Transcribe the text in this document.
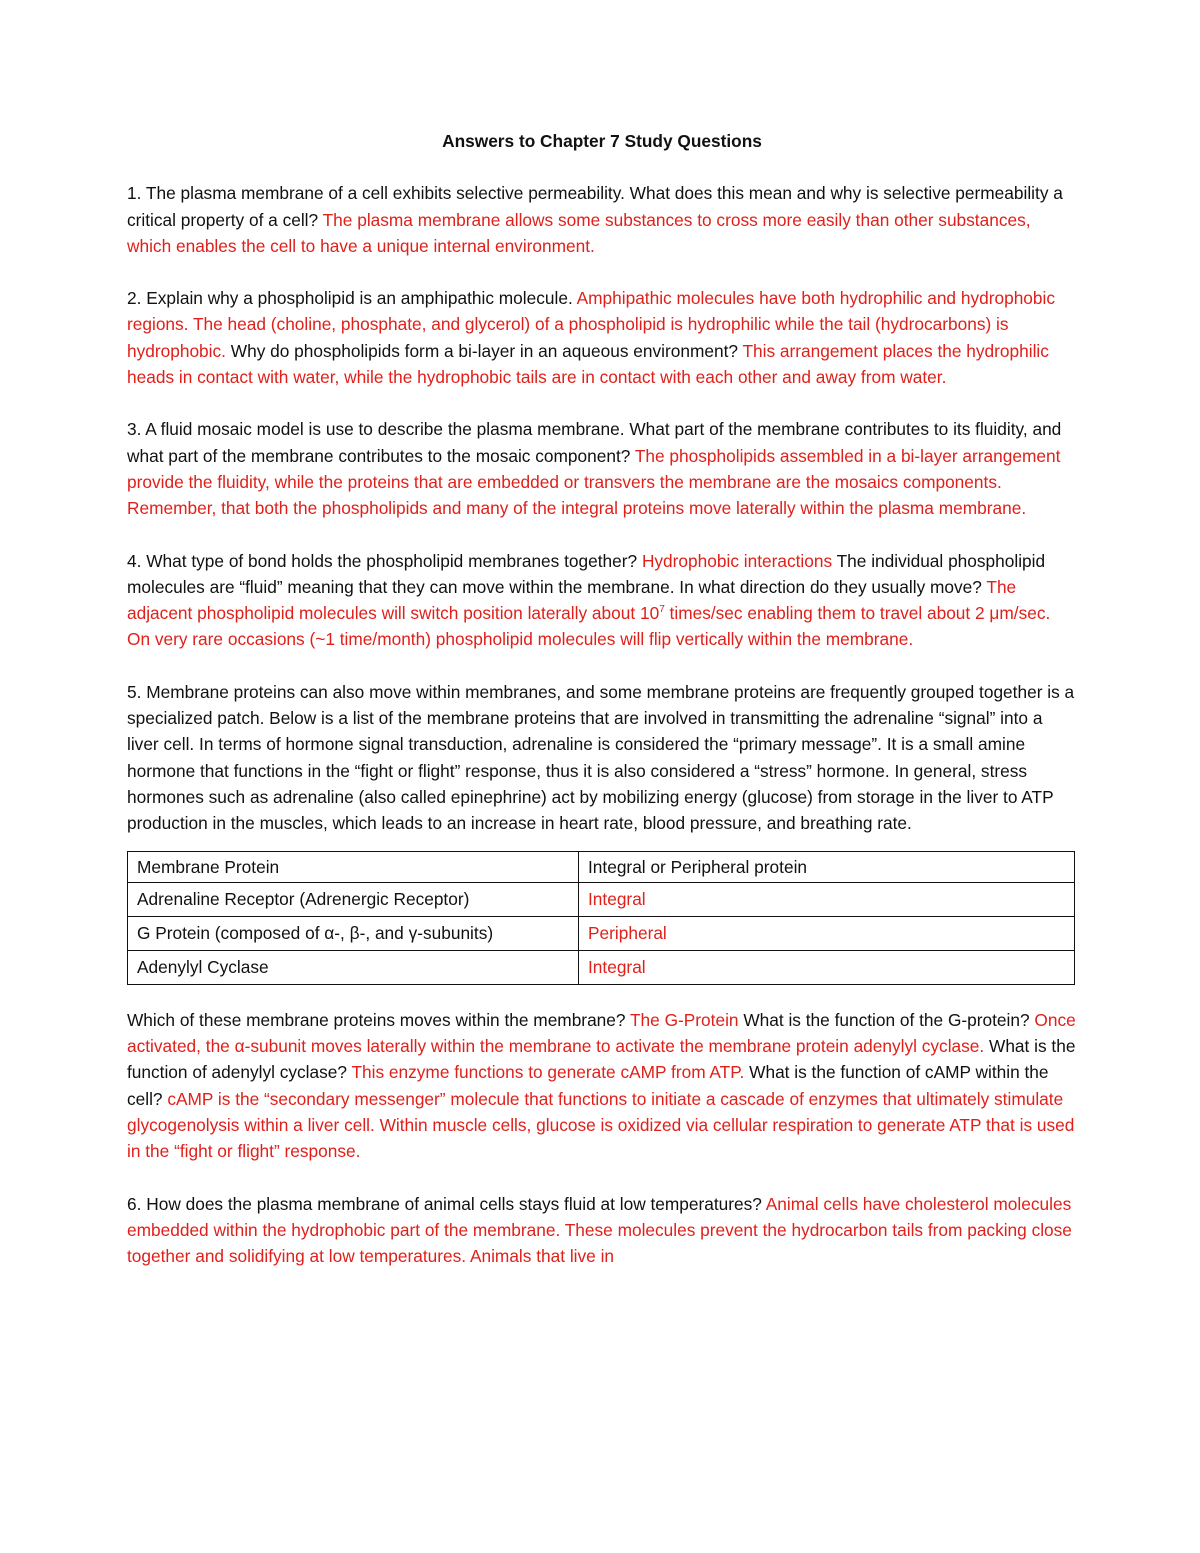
Answers to Chapter 7 Study Questions

1. The plasma membrane of a cell exhibits selective permeability. What does this mean and why is selective permeability a critical property of a cell? The plasma membrane allows some substances to cross more easily than other substances, which enables the cell to have a unique internal environment.

2. Explain why a phospholipid is an amphipathic molecule. Amphipathic molecules have both hydrophilic and hydrophobic regions. The head (choline, phosphate, and glycerol) of a phospholipid is hydrophilic while the tail (hydrocarbons) is hydrophobic. Why do phospholipids form a bi-layer in an aqueous environment? This arrangement places the hydrophilic heads in contact with water, while the hydrophobic tails are in contact with each other and away from water.

3. A fluid mosaic model is use to describe the plasma membrane. What part of the membrane contributes to its fluidity, and what part of the membrane contributes to the mosaic component? The phospholipids assembled in a bi-layer arrangement provide the fluidity, while the proteins that are embedded or transvers the membrane are the mosaics components. Remember, that both the phospholipids and many of the integral proteins move laterally within the plasma membrane.

4. What type of bond holds the phospholipid membranes together? Hydrophobic interactions The individual phospholipid molecules are “fluid” meaning that they can move within the membrane. In what direction do they usually move? The adjacent phospholipid molecules will switch position laterally about $10^7$ times/sec enabling them to travel about 2 μm/sec. On very rare occasions (~1 time/month) phospholipid molecules will flip vertically within the membrane.

5. Membrane proteins can also move within membranes, and some membrane proteins are frequently grouped together is a specialized patch. Below is a list of the membrane proteins that are involved in transmitting the adrenaline “signal” into a liver cell. In terms of hormone signal transduction, adrenaline is considered the “primary message”. It is a small amine hormone that functions in the “fight or flight” response, thus it is also considered a “stress” hormone. In general, stress hormones such as adrenaline (also called epinephrine) act by mobilizing energy (glucose) from storage in the liver to ATP production in the muscles, which leads to an increase in heart rate, blood pressure, and breathing rate.

Membrane Protein	Integral or Peripheral protein
Adrenaline Receptor (Adrenergic Receptor)	Integral
G Protein (composed of α-, β-, and γ-subunits)	Peripheral
Adenylyl Cyclase	Integral

Which of these membrane proteins moves within the membrane? The G-Protein What is the function of the G-protein? Once activated, the α-subunit moves laterally within the membrane to activate the membrane protein adenylyl cyclase. What is the function of adenylyl cyclase? This enzyme functions to generate cAMP from ATP. What is the function of cAMP within the cell? cAMP is the “secondary messenger” molecule that functions to initiate a cascade of enzymes that ultimately stimulate glycogenolysis within a liver cell. Within muscle cells, glucose is oxidized via cellular respiration to generate ATP that is used in the “fight or flight” response.

6. How does the plasma membrane of animal cells stays fluid at low temperatures? Animal cells have cholesterol molecules embedded within the hydrophobic part of the membrane. These molecules prevent the hydrocarbon tails from packing close together and solidifying at low temperatures. Animals that live in
